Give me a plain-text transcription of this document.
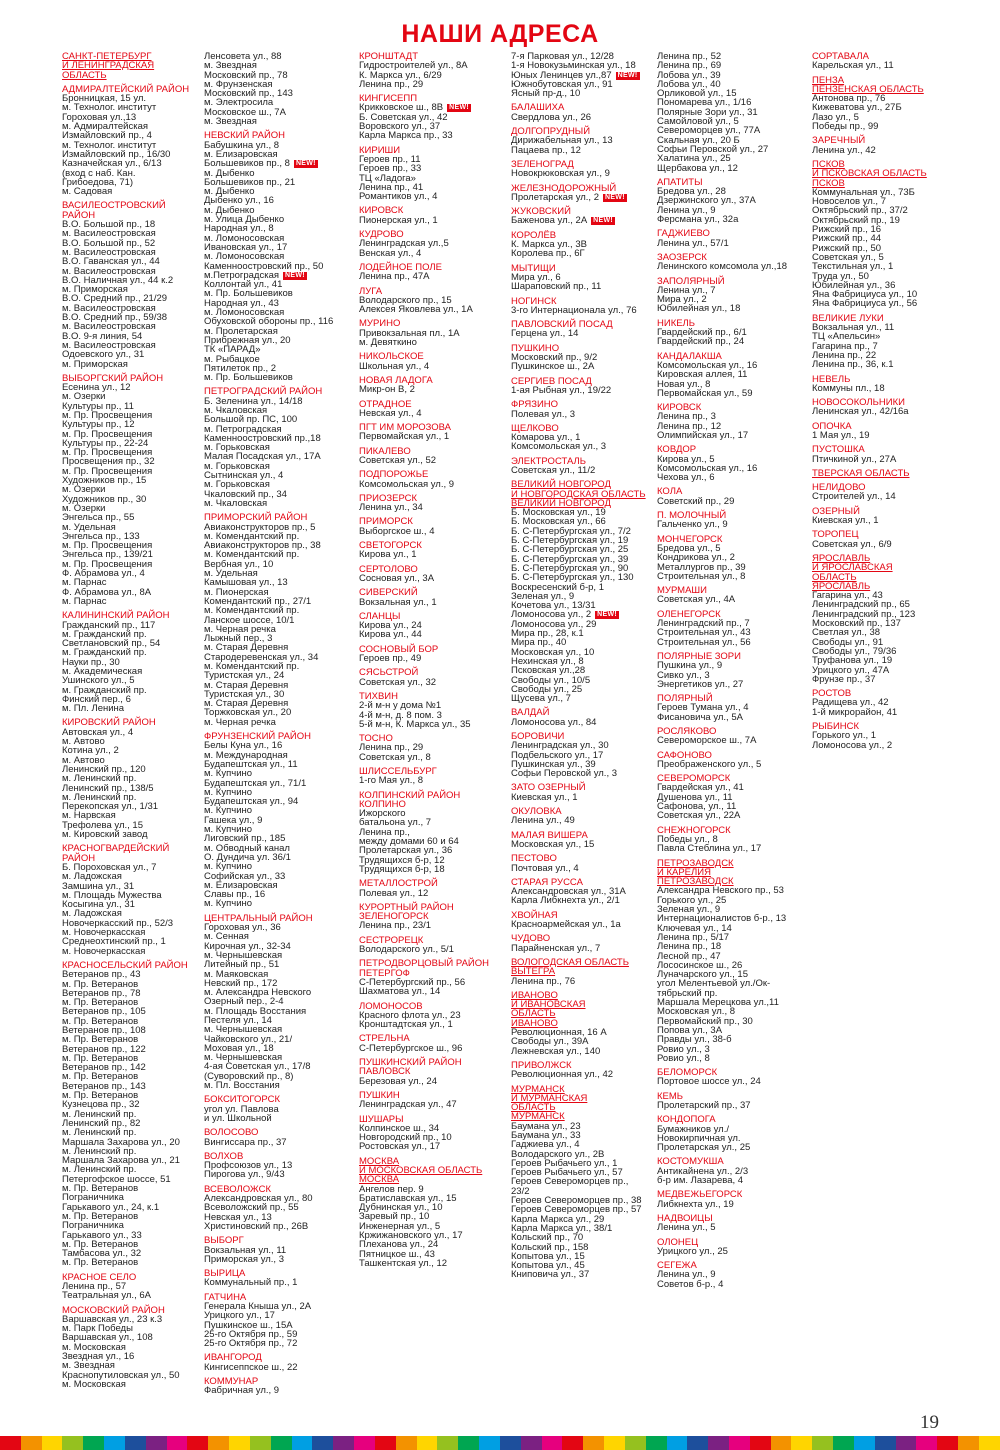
НАШИ АДРЕСА
САНКТ-ПЕТЕРБУРГ
И ЛЕНИНГРАДСКАЯ
ОБЛАСТЬ
АДМИРАЛТЕЙСКИЙ РАЙОН
Бронницкая, 15 ул.
м. Технолог. институт
Гороховая ул.,13
м. Адмиралтейская
Измайловский пр., 4
м. Технолог. институт
Измайловский пр., 16/30
Казначейская ул., 6/13
(вход с наб. Кан.
Грибоедова, 71)
м. Садовая
ВАСИЛЕОСТРОВСКИЙ
РАЙОН
В.О. Большой пр., 18
м. Василеостровская
В.О. Большой пр., 52
м. Василеостровская
В.О. Гаванская ул., 44
м. Василеостровская
В.О. Наличная ул., 44 к.2
м. Приморская
В.О. Средний пр., 21/29
м. Василеостровская
В.О. Средний пр., 59/38
м. Василеостровская
В.О. 9-я линия, 54
м. Василеостровская
Одоевского ул., 31
м. Приморская
ВЫБОРГСКИЙ РАЙОН
Есенина ул., 12
м. Озерки
Культуры пр., 11
м. Пр. Просвещения
Культуры пр., 12
м. Пр. Просвещения
Культуры пр., 22-24
м. Пр. Просвещения
Просвещения пр., 32
м. Пр. Просвещения
Художников пр., 15
м. Озерки
Художников пр., 30
м. Озерки
Энгельса пр., 55
м. Удельная
Энгельса пр., 133
м. Пр. Просвещения
Энгельса пр., 139/21
м. Пр. Просвещения
Ф. Абрамова ул., 4
м. Парнас
Ф. Абрамова ул., 8А
м. Парнас
КАЛИНИНСКИЙ РАЙОН
Гражданский пр., 117
м. Гражданский пр.
Светлановский пр., 54
м. Гражданский пр.
Науки пр., 30
м. Академическая
Ушинского ул., 5
м. Гражданский пр.
Финский пер., 6
м. Пл. Ленина
КИРОВСКИЙ РАЙОН
Автовская ул., 4
м. Автово
Котина ул., 2
м. Автово
Ленинский пр., 120
м. Ленинский пр.
Ленинский пр., 138/5
м. Ленинский пр.
Перекопская ул., 1/31
м. Нарвская
Трефолева ул., 15
м. Кировский завод
КРАСНОГВАРДЕЙСКИЙ
РАЙОН
Б. Пороховская ул., 7
м. Ладожская
Замшина ул., 31
м. Площадь Мужества
Косыгина ул., 31
м. Ладожская
Новочеркасский пр., 52/3
м. Новочеркасская
Среднеохтинский пр., 1
м. Новочеркасская
КРАСНОСЕЛЬСКИЙ РАЙОН
Ветеранов пр., 43
м. Пр. Ветеранов
Ветеранов пр., 78
м. Пр. Ветеранов
Ветеранов пр., 105
м. Пр. Ветеранов
Ветеранов пр., 108
м. Пр. Ветеранов
Ветеранов пр., 122
м. Пр. Ветеранов
Ветеранов пр., 142
м. Пр. Ветеранов
Ветеранов пр., 143
м. Пр. Ветеранов
Кузнецова пр., 32
м. Ленинский пр.
Ленинский пр., 82
м. Ленинский пр.
Маршала Захарова ул., 20
м. Ленинский пр.
Маршала Захарова ул., 21
м. Ленинский пр.
Петергофское шоссе, 51
м. Пр. Ветеранов
Пограничника
Гарькавого ул., 24, к.1
м. Пр. Ветеранов
Пограничника
Гарькавого ул., 33
м. Пр. Ветеранов
Тамбасова ул., 32
м. Пр. Ветеранов
КРАСНОЕ СЕЛО
Ленина пр., 57
Театральная ул., 6А
МОСКОВСКИЙ РАЙОН
Варшавская ул., 23 к.3
м. Парк Победы
Варшавская ул., 108
м. Московская
Звездная ул., 16
м. Звездная
Краснопутиловская ул., 50
м. Московская
Ленсовета ул., 88
м. Звездная
Московский пр., 78
м. Фрунзенская
Московский пр., 143
м. Электросила
Московское ш., 7А
м. Звездная
НЕВСКИЙ РАЙОН
Бабушкина ул., 8
м. Елизаровская
Большевиков пр., 8 NEW!
м. Дыбенко
Большевиков пр., 21
м. Дыбенко
Дыбенко ул., 16
м. Дыбенко
м. Улица Дыбенко
Народная ул., 8
м. Ломоносовская
Ивановская ул., 17
м. Ломоносовская
Каменноостровский пр., 50
м.Петроградская NEW!
Коллонтай ул., 41
м. Пр. Большевиков
Народная ул., 43
м. Ломоносовская
Обуховской обороны пр., 116
м. Пролетарская
Прибрежная ул., 20
ТК «ПАРАД»
м. Рыбацкое
Пятилеток пр., 2
м. Пр. Большевиков
ПЕТРОГРАДСКИЙ РАЙОН
Б. Зеленина ул., 14/18
м. Чкаловская
Большой пр. ПС, 100
м. Петроградская
Каменноостровский пр.,18
м. Горьковская
Малая Посадская ул., 17А
м. Горьковская
Сытнинская ул., 4
м. Горьковская
Чкаловский пр., 34
м. Чкаловская
ПРИМОРСКИЙ РАЙОН
Авиаконструкторов пр., 5
м. Комендантский пр.
Авиаконструкторов пр., 38
м. Комендантский пр.
Вербная ул., 10
м. Удельная
Камышовая ул., 13
м. Пионерская
Комендантский пр., 27/1
м. Комендантский пр.
Ланское шоссе, 10/1
м. Черная речка
Лыжный пер., 3
м. Старая Деревня
Стародеревенская ул., 34
м. Комендантский пр.
Туристская ул., 24
м. Старая Деревня
Туристская ул., 30
м. Старая Деревня
Торжковская ул., 20
м. Черная речка
ФРУНЗЕНСКИЙ РАЙОН
Белы Куна ул., 16
м. Международная
Будапештская ул., 11
м. Купчино
Будапештская ул., 71/1
м. Купчино
Будапештская ул., 94
м. Купчино
Гашека ул., 9
м. Купчино
Лиговский пр., 185
м. Обводный канал
О. Дундича ул. 36/1
м. Купчино
Софийская ул., 33
м. Елизаровская
Славы пр., 16
м. Купчино
ЦЕНТРАЛЬНЫЙ РАЙОН
Гороховая ул., 36
м. Сенная
Кирочная ул., 32-34
м. Чернышевская
Литейный пр., 51
м. Маяковская
Невский пр., 172
м. Александра Невского
Озерный пер., 2-4
м. Площадь Восстания
Пестеля ул., 14
м. Чернышевская
Чайковского ул., 21/
Моховая ул., 18
м. Чернышевская
4-ая Советская ул., 17/8
(Суворовский пр., 8)
м. Пл. Восстания
БОКСИТОГОРСК
угол ул. Павлова
и ул. Школьной
ВОЛОСОВО
Вингиссара пр., 37
ВОЛХОВ
Профсоюзов ул., 13
Пирогова ул., 9/43
ВСЕВОЛОЖСК
Александровская ул., 80
Всеволожский пр., 55
Невская ул., 13
Христиновский пр., 26В
ВЫБОРГ
Вокзальная ул., 11
Приморская ул., 3
ВЫРИЦА
Коммунальный пр., 1
ГАТЧИНА
Генерала Кныша ул., 2А
Урицкого ул., 17
Пушкинское ш., 15А
25-го Октября пр., 59
25-го Октября пр., 72
ИВАНГОРОД
Кингисеппское ш., 22
КОММУНАР
Фабричная ул., 9
КРОНШТАДТ
Гидростроителей ул., 8А
К. Маркса ул., 6/29
Ленина пр., 29
КИНГИСЕПП
Крикковское ш., 8В NEW!
Б. Советская ул., 42
Воровского ул., 37
Карла Маркса пр., 33
КИРИШИ
Героев пр., 11
Героев пр., 33
ТЦ «Ладога»
Ленина пр., 41
Романтиков ул., 4
КИРОВСК
Пионерская ул., 1
КУДРОВО
Ленинградская ул.,5
Венская ул., 4
ЛОДЕЙНОЕ ПОЛЕ
Ленина пр., 47А
ЛУГА
Володарского пр., 15
Алексея Яковлева ул., 1А
МУРИНО
Привокзальная пл., 1А
м. Девяткино
НИКОЛЬСКОЕ
Школьная ул., 4
НОВАЯ ЛАДОГА
Микр-он В, 2
ОТРАДНОЕ
Невская ул., 4
ПГТ ИМ МОРОЗОВА
Первомайская ул., 1
ПИКАЛЕВО
Советская ул., 52
ПОДПОРОЖЬЕ
Комсомольская ул., 9
ПРИОЗЕРСК
Ленина ул., 34
ПРИМОРСК
Выборгское ш., 4
СВЕТОГОРСК
Кирова ул., 1
СЕРТОЛОВО
Сосновая ул., 3А
СИВЕРСКИЙ
Вокзальная ул., 1
СЛАНЦЫ
Кирова ул., 24
Кирова ул., 44
СОСНОВЫЙ БОР
Героев пр., 49
СЯСЬСТРОЙ
Советская ул., 32
ТИХВИН
2-й м-н у дома №1
4-й м-н, д. 8 пом. 3
5-й м-н, К. Маркса ул., 35
ТОСНО
Ленина пр., 29
Советская ул., 8
ШЛИССЕЛЬБУРГ
1-го Мая ул., 8
КОЛПИНСКИЙ РАЙОН
КОЛПИНО
Ижорского
батальона ул., 7
Ленина пр.,
между домами 60 и 64
Пролетарская ул., 36
Трудящихся б-р, 12
Трудящихся б-р, 18
МЕТАЛЛОСТРОЙ
Полевая ул., 12
КУРОРТНЫЙ РАЙОН
ЗЕЛЕНОГОРСК
Ленина пр., 23/1
СЕСТРОРЕЦК
Володарского ул., 5/1
ПЕТРОДВОРЦОВЫЙ РАЙОН
ПЕТЕРГОФ
С-Петербургский пр., 56
Шахматова ул., 14
ЛОМОНОСОВ
Красного флота ул., 23
Кронштадтская ул., 1
СТРЕЛЬНА
С-Петербургское ш., 96
ПУШКИНСКИЙ РАЙОН
ПАВЛОВСК
Березовая ул., 24
ПУШКИН
Ленинградская ул., 47
ШУШАРЫ
Колпинское ш., 34
Новгородский пр., 10
Ростовская ул., 17
МОСКВА
И МОСКОВСКАЯ ОБЛАСТЬ
МОСКВА
Ангелов пер. 9
Братиславская ул., 15
Дубнинская ул., 10
Заревый пр., 10
Инженерная ул., 5
Кржижановского ул., 17
Плеханова ул., 24
Пятницкое ш., 43
Ташкентская ул., 12
7-я Парковая ул., 12/28
1-я Новокузьминская ул., 18
Юных Ленинцев ул.,87 NEW!
Южнобутовская ул., 91
Ясный пр-д., 10
БАЛАШИХА
Свердлова ул., 26
ДОЛГОПРУДНЫЙ
Дирижабельная ул., 13
Пацаева пр., 12
ЗЕЛЕНОГРАД
Новокрюковская ул., 9
ЖЕЛЕЗНОДОРОЖНЫЙ
Пролетарская ул., 2 NEW!
ЖУКОВСКИЙ
Баженова ул., 2А NEW!
КОРОЛЁВ
К. Маркса ул., 3В
Королева пр., 6Г
МЫТИЩИ
Мира ул., 6
Шараповский пр., 11
НОГИНСК
3-го Интернационала ул., 76
ПАВЛОВСКИЙ ПОСАД
Герцена ул., 14
ПУШКИНО
Московский пр., 9/2
Пушкинское ш., 2А
СЕРГИЕВ ПОСАД
1-ая Рыбная ул., 19/22
ФРЯЗИНО
Полевая ул., 3
ЩЕЛКОВО
Комарова ул., 1
Комсомольская ул., 3
ЭЛЕКТРОСТАЛЬ
Советская ул., 11/2
ВЕЛИКИЙ НОВГОРОД
И НОВГОРОДСКАЯ ОБЛАСТЬ
ВЕЛИКИЙ НОВГОРОД
Б. Московская ул., 19
Б. Московская ул., 66
Б. С-Петербургская ул., 7/2
Б. С-Петербургская ул., 19
Б. С-Петербургская ул., 25
Б. С-Петербургская ул., 39
Б. С-Петербургская ул., 90
Б. С-Петербургская ул., 130
Воскресенский б-р, 1
Зеленая ул., 9
Кочетова ул., 13/31
Ломоносова ул., 2 NEW!
Ломоносова ул., 29
Мира пр., 28, к.1
Мира пр., 40
Московская ул., 10
Нехинская ул., 8
Псковская ул.,28
Свободы ул., 10/5
Свободы ул., 25
Щусева ул., 7
ВАЛДАЙ
Ломоносова ул., 84
БОРОВИЧИ
Ленинградская ул., 30
Подбельского ул., 17
Пушкинская ул., 39
Софьи Перовской ул., 3
ЗАТО ОЗЕРНЫЙ
Киевская ул., 1
ОКУЛОВКА
Ленина ул., 49
МАЛАЯ ВИШЕРА
Московская ул., 15
ПЕСТОВО
Почтовая ул., 4
СТАРАЯ РУССА
Александровская ул., 31А
Карла Либкнехта ул., 2/1
ХВОЙНАЯ
Красноармейская ул., 1а
ЧУДОВО
Парайненская ул., 7
ВОЛОГОДСКАЯ ОБЛАСТЬ
ВЫТЕГРА
Ленина пр., 76
ИВАНОВО
И ИВАНОВСКАЯ
ОБЛАСТЬ
ИВАНОВО
Революционная, 16 А
Свободы ул., 39А
Лежневская ул., 140
ПРИВОЛЖСК
Революционная ул., 42
МУРМАНСК
И МУРМАНСКАЯ
ОБЛАСТЬ
МУРМАНСК
Баумана ул., 23
Баумана ул., 33
Гаджиева ул., 4
Володарского ул., 2В
Героев Рыбачьего ул., 1
Героев Рыбачьего ул., 57
Героев Североморцев пр.,
23/2
Героев Североморцев пр., 38
Героев Североморцев пр., 57
Карла Маркса ул., 29
Карла Маркса ул., 38/1
Кольский пр., 70
Кольский пр., 158
Копытова ул., 15
Копытова ул., 45
Книповича ул., 37
Ленина пр., 52
Ленина пр., 69
Лобова ул., 39
Лобова ул., 40
Орликовой ул., 15
Пономарева ул., 1/16
Полярные Зори ул., 31
Самойловой ул., 5
Североморцев ул., 77А
Скальная ул., 20 Б
Софьи Перовской ул., 27
Халатина ул., 25
Щербакова ул., 12
АПАТИТЫ
Бредова ул., 28
Дзержинского ул., 37А
Ленина ул., 9
Ферсмана ул., 32а
ГАДЖИЕВО
Ленина ул., 57/1
ЗАОЗЕРСК
Ленинского комсомола ул.,18
ЗАПОЛЯРНЫЙ
Ленина ул., 7
Мира ул., 2
Юбилейная ул., 18
НИКЕЛЬ
Гвардейский пр., 6/1
Гвардейский пр., 24
КАНДАЛАКША
Комсомольская ул., 16
Кировская аллея, 11
Новая ул., 8
Первомайская ул., 59
КИРОВСК
Ленина пр., 3
Ленина пр., 12
Олимпийская ул., 17
КОВДОР
Кирова ул., 5
Комсомольская ул., 16
Чехова ул., 6
КОЛА
Советский пр., 29
П. МОЛОЧНЫЙ
Гальченко ул., 9
МОНЧЕГОРСК
Бредова ул., 5
Кондрикова ул., 2
Металлургов пр., 39
Строительная ул., 8
МУРМАШИ
Советская ул., 4А
ОЛЕНЕГОРСК
Ленинградский пр., 7
Строительная ул., 43
Строительная ул., 56
ПОЛЯРНЫЕ ЗОРИ
Пушкина ул., 9
Сивко ул., 3
Энергетиков ул., 27
ПОЛЯРНЫЙ
Героев Тумана ул., 4
Фисановича ул., 5А
РОСЛЯКОВО
Североморское ш., 7А
САФОНОВО
Преображенского ул., 5
СЕВЕРОМОРСК
Гвардейская ул., 41
Душенова ул., 11
Сафонова, ул., 11
Советская ул., 22А
СНЕЖНОГОРСК
Победы ул., 8
Павла Стеблина ул., 17
ПЕТРОЗАВОДСК
И КАРЕЛИЯ
ПЕТРОЗАВОДСК
Александра Невского пр., 53
Горького ул., 25
Зеленая ул., 9
Интернационалистов б-р., 13
Ключевая ул., 14
Ленина пр., 5/17
Ленина пр., 18
Лесной пр., 47
Лососинское ш., 26
Луначарского ул., 15
угол Мелентьевой ул./Ок-
тябрьский пр.
Маршала Мерецкова ул.,11
Московская ул., 8
Первомайский пр., 30
Попова ул., 3А
Правды ул., 38-б
Ровио ул., 3
Ровио ул., 8
БЕЛОМОРСК
Портовое шоссе ул., 24
КЕМЬ
Пролетарский пр., 37
КОНДОПОГА
Бумажников ул./
Новокирпичная ул.
Пролетарская ул., 25
КОСТОМУКША
Антикайнена ул., 2/3
б-р им. Лазарева, 4
МЕДВЕЖЬЕГОРСК
Либкнехта ул., 19
НАДВОИЦЫ
Ленина ул., 5
ОЛОНЕЦ
Урицкого ул., 25
СЕГЕЖА
Ленина ул., 9
Советов б-р., 4
СОРТАВАЛА
Карельская ул., 11
ПЕНЗА
ПЕНЗЕНСКАЯ ОБЛАСТЬ
Антонова пр., 76
Кижеватова ул., 27Б
Лазо ул., 5
Победы пр., 99
ЗАРЕЧНЫЙ
Ленина ул., 42
ПСКОВ
И ПСКОВСКАЯ ОБЛАСТЬ
ПСКОВ
Коммунальная ул., 73Б
Новоселов ул., 7
Октябрьский пр., 37/2
Октябрьский пр., 19
Рижский пр., 16
Рижский пр., 44
Рижский пр., 50
Советская ул., 5
Текстильная ул., 1
Труда ул., 50
Юбилейная ул., 36
Яна Фабрициуса ул., 10
Яна Фабрициуса ул., 56
ВЕЛИКИЕ ЛУКИ
Вокзальная ул., 11
ТЦ «Апельсин»
Гагарина пр., 7
Ленина пр., 22
Ленина пр., 36, к.1
НЕВЕЛЬ
Коммуны пл., 18
НОВОСОКОЛЬНИКИ
Ленинская ул., 42/16а
ОПОЧКА
1 Мая ул., 19
ПУСТОШКА
Птичкиной ул., 27А
ТВЕРСКАЯ ОБЛАСТЬ
НЕЛИДОВО
Строителей ул., 14
ОЗЕРНЫЙ
Киевская ул., 1
ТОРОПЕЦ
Советская ул., 6/9
ЯРОСЛАВЛЬ
И ЯРОСЛАВСКАЯ
ОБЛАСТЬ
ЯРОСЛАВЛЬ
Гагарина ул., 43
Ленинградский пр., 65
Ленинградский пр., 123
Московский пр., 137
Светлая ул., 38
Свободы ул., 91
Свободы ул., 79/36
Труфанова ул., 19
Урицкого ул., 47А
Фрунзе пр., 37
РОСТОВ
Радищева ул., 42
1-й микрорайон, 41
РЫБИНСК
Горького ул., 1
Ломоносова ул., 2
19
